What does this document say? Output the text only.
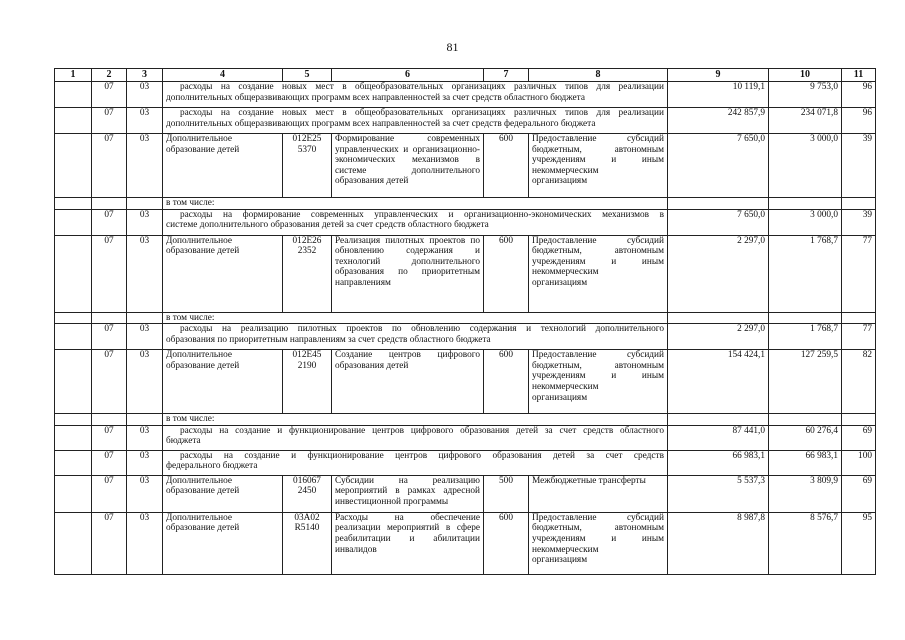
81
1	2	3	4	5	6	7	8	9	10	11
	07	03	расходы на создание новых мест в общеобразовательных организациях различных типов для реализации
дополнительных общеразвивающих программ всех направленностей за счет средств областного бюджета					10 119,1	9 753,0	96
	07	03	расходы на создание новых мест в общеобразовательных организациях различных типов для реализации
дополнительных общеразвивающих программ всех направленностей за счет средств федерального бюджета					242 857,9	234 071,8	96
	07	03	Дополнительное
образование детей	012E25
5370	Формирование современных
управленческих и организационно-
экономических механизмов в
системе дополнительного
образования детей	600	Предоставление субсидий
бюджетным, автономным
учреждениям и иным
некоммерческим
организациям	7 650,0	3 000,0	39
			в том числе:							
	07	03	расходы на формирование современных управленческих и организационно-экономических механизмов в
системе дополнительного образования детей за счет средств областного бюджета					7 650,0	3 000,0	39
	07	03	Дополнительное
образование детей	012E26
2352	Реализация пилотных проектов по
обновлению содержания и
технологий дополнительного
образования по приоритетным
направлениям	600	Предоставление субсидий
бюджетным, автономным
учреждениям и иным
некоммерческим
организациям	2 297,0	1 768,7	77
			в том числе:							
	07	03	расходы на реализацию пилотных проектов по обновлению содержания и технологий дополнительного
образования по приоритетным направлениям за счет средств областного бюджета					2 297,0	1 768,7	77
	07	03	Дополнительное
образование детей	012E45
2190	Создание центров цифрового
образования детей	600	Предоставление субсидий
бюджетным, автономным
учреждениям и иным
некоммерческим
организациям	154 424,1	127 259,5	82
			в том числе:							
	07	03	расходы на создание и функционирование центров цифрового образования детей за счет средств областного
бюджета					87 441,0	60 276,4	69
	07	03	расходы на создание и функционирование центров цифрового образования детей за счет средств
федерального бюджета					66 983,1	66 983,1	100
	07	03	Дополнительное
образование детей	016067
2450	Субсидии на реализацию
мероприятий в рамках адресной
инвестиционной программы	500	Межбюджетные трансферты	5 537,3	3 809,9	69
	07	03	Дополнительное
образование детей	03А02
R5140	Расходы на обеспечение
реализации мероприятий в сфере
реабилитации и абилитации
инвалидов	600	Предоставление субсидий
бюджетным, автономным
учреждениям и иным
некоммерческим
организациям	8 987,8	8 576,7	95
